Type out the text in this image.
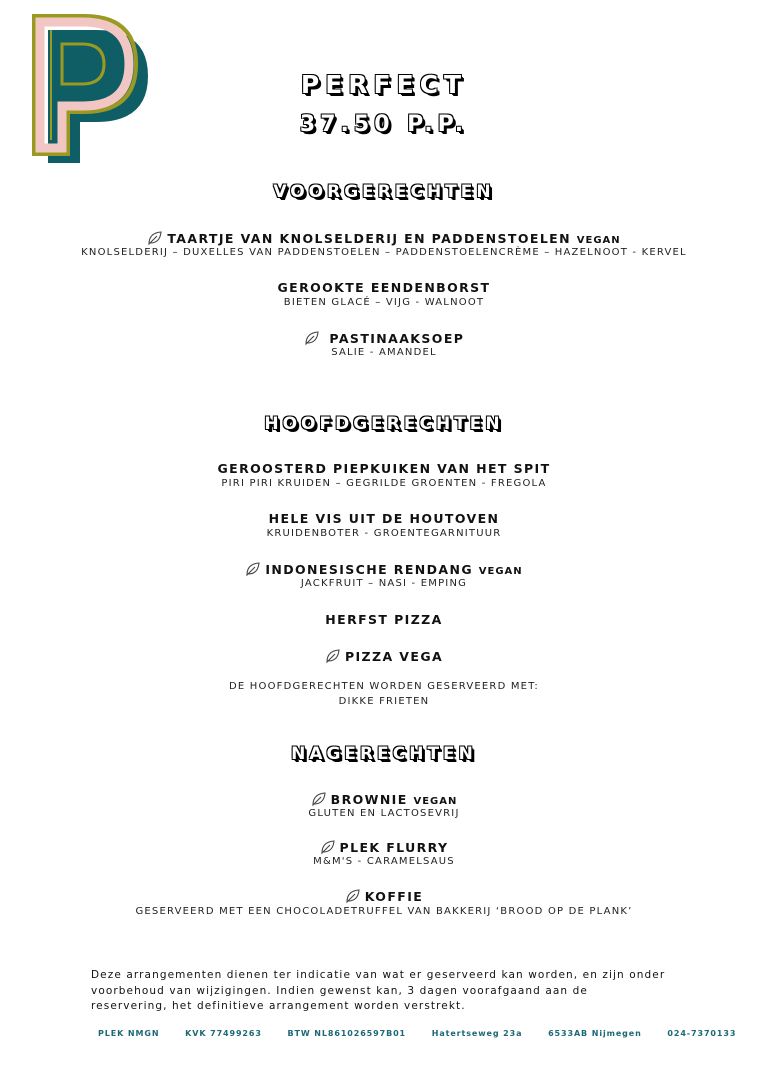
PERFECT
37.50 P.P.
VOORGERECHTEN
TAARTJE VAN KNOLSELDERIJ EN PADDENSTOELEN VEGAN
KNOLSELDERIJ – DUXELLES VAN PADDENSTOELEN – PADDENSTOELENCRÈME – HAZELNOOT - KERVEL
GEROOKTE EENDENBORST
BIETEN GLACÉ – VIJG - WALNOOT
PASTINAAKSOEP
SALIE - AMANDEL
HOOFDGERECHTEN
GEROOSTERD PIEPKUIKEN VAN HET SPIT
PIRI PIRI KRUIDEN – GEGRILDE GROENTEN - FREGOLA
HELE VIS UIT DE HOUTOVEN
KRUIDENBOTER - GROENTEGARNITUUR
INDONESISCHE RENDANG VEGAN
JACKFRUIT – NASI - EMPING
HERFST PIZZA
PIZZA VEGA
DE HOOFDGERECHTEN WORDEN GESERVEERD MET:
DIKKE FRIETEN
NAGERECHTEN
BROWNIE VEGAN
GLUTEN EN LACTOSEVRIJ
PLEK FLURRY
M&M'S - CARAMELSAUS
KOFFIE
GESERVEERD MET EEN CHOCOLADETRUFFEL VAN BAKKERIJ ‘BROOD OP DE PLANK’
Deze arrangementen dienen ter indicatie van wat er geserveerd kan worden, en zijn onder
voorbehoud van wijzigingen. Indien gewenst kan, 3 dagen voorafgaand aan de
reservering, het definitieve arrangement worden verstrekt.
PLEK NMGN	KVK 77499263	BTW NL861026597B01	Hatertseweg 23a	6533AB Nijmegen	024-7370133
